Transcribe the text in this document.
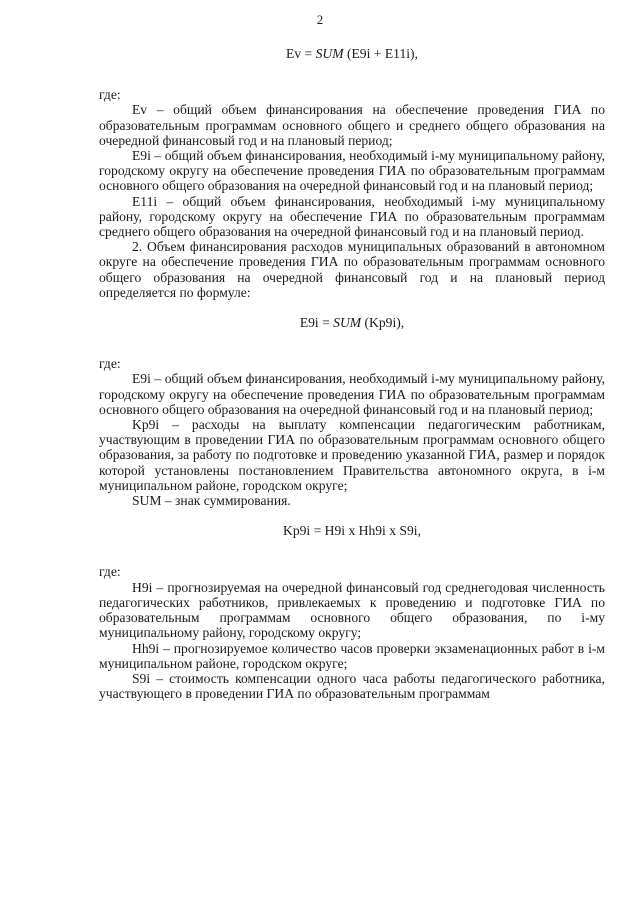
2

Ev = SUM (E9i + E11i),

где:

Ev – общий объем финансирования на обеспечение проведения ГИА по образовательным программам основного общего и среднего общего образования на очередной финансовый год и на плановый период;

E9i – общий объем финансирования, необходимый i-му муниципальному району, городскому округу на обеспечение проведения ГИА по образовательным программам основного общего образования на очередной финансовый год и на плановый период;

E11i – общий объем финансирования, необходимый i-му муниципальному району, городскому округу на обеспечение ГИА по образовательным программам среднего общего образования на очередной финансовый год и на плановый период.

2. Объем финансирования расходов муниципальных образований в автономном округе на обеспечение проведения ГИА по образовательным программам основного общего образования на очередной финансовый год и на плановый период определяется по формуле:

E9i = SUM (Kp9i),

где:

E9i – общий объем финансирования, необходимый i-му муниципальному району, городскому округу на обеспечение проведения ГИА по образовательным программам основного общего образования на очередной финансовый год и на плановый период;

Kp9i – расходы на выплату компенсации педагогическим работникам, участвующим в проведении ГИА по образовательным программам основного общего образования, за работу по подготовке и проведению указанной ГИА, размер и порядок которой установлены постановлением Правительства автономного округа, в i-м муниципальном районе, городском округе;

SUM – знак суммирования.

Kp9i = H9i x Hh9i x S9i,

где:

H9i – прогнозируемая на очередной финансовый год среднегодовая численность педагогических работников, привлекаемых к проведению и подготовке ГИА по образовательным программам основного общего образования, по i-му муниципальному району, городскому округу;

Hh9i – прогнозируемое количество часов проверки экзаменационных работ в i-м муниципальном районе, городском округе;

S9i – стоимость компенсации одного часа работы педагогического работника, участвующего в проведении ГИА по образовательным программам
